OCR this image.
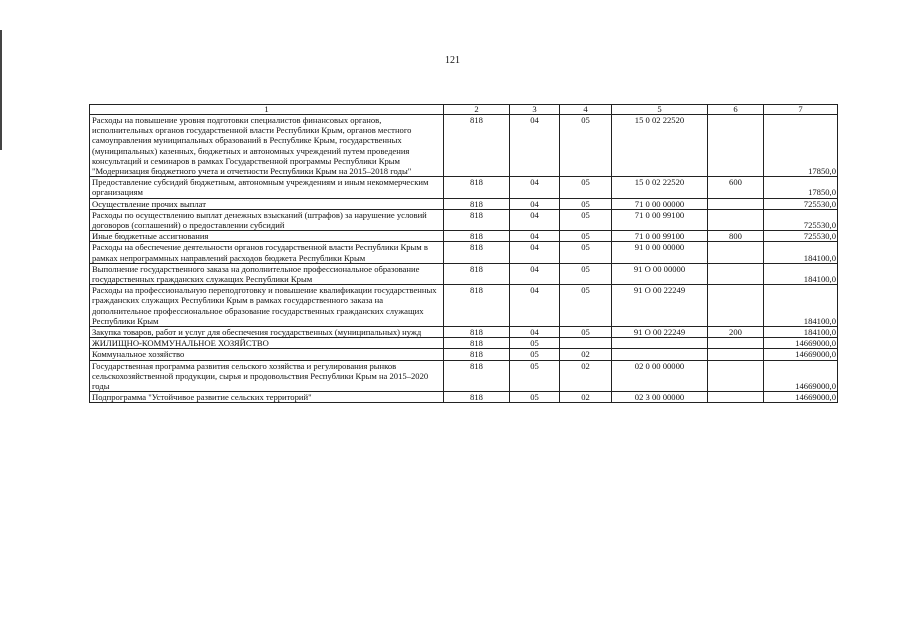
121
1	2	3	4	5	6	7
Расходы на повышение уровня подготовки специалистов финансовых органов, исполнительных органов государственной власти Республики Крым, органов местного самоуправления муниципальных образований в Республике Крым, государственных (муниципальных) казенных, бюджетных и автономных учреждений путем проведения консультаций и семинаров в рамках Государственной программы Республики Крым "Модернизация бюджетного учета и отчетности Республики Крым на 2015–2018 годы"	818	04	05	15 0 02 22520		17850,0
Предоставление субсидий бюджетным, автономным учреждениям и иным некоммерческим организациям	818	04	05	15 0 02 22520	600	17850,0
Осуществление прочих выплат	818	04	05	71 0 00 00000		725530,0
Расходы по осуществлению выплат денежных взысканий (штрафов) за нарушение условий договоров (соглашений) о предоставлении субсидий	818	04	05	71 0 00 99100		725530,0
Иные бюджетные ассигнования	818	04	05	71 0 00 99100	800	725530,0
Расходы на обеспечение деятельности органов государственной власти Республики Крым в рамках непрограммных направлений расходов бюджета Республики Крым	818	04	05	91 0 00 00000		184100,0
Выполнение государственного заказа на дополнительное профессиональное образование государственных гражданских служащих Республики Крым	818	04	05	91 О 00 00000		184100,0
Расходы на профессиональную переподготовку и повышение квалификации государственных гражданских служащих Республики Крым в рамках государственного заказа на дополнительное профессиональное образование государственных гражданских служащих Республики Крым	818	04	05	91 О 00 22249		184100,0
Закупка товаров, работ и услуг для обеспечения государственных (муниципальных) нужд	818	04	05	91 О 00 22249	200	184100,0
ЖИЛИЩНО-КОММУНАЛЬНОЕ ХОЗЯЙСТВО	818	05				14669000,0
Коммунальное хозяйство	818	05	02			14669000,0
Государственная программа развития сельского хозяйства и регулирования рынков сельскохозяйственной продукции, сырья и продовольствия Республики Крым на 2015–2020 годы	818	05	02	02 0 00 00000		14669000,0
Подпрограмма "Устойчивое развитие сельских территорий"	818	05	02	02 3 00 00000		14669000,0
